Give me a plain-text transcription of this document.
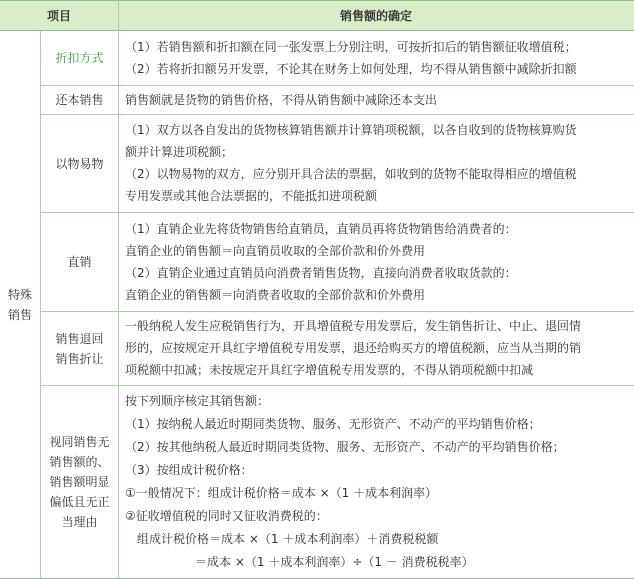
项目	销售额的确定
特殊
销售
折扣方式
（1）若销售额和折扣额在同一张发票上分别注明，可按折扣后的销售额征收增值税；
（2）若将折扣额另开发票，不论其在财务上如何处理，均不得从销售额中减除折扣额
还本销售 销售额就是货物的销售价格，不得从销售额中减除还本支出
以物易物
（1）双方以各自发出的货物核算销售额并计算销项税额，以各自收到的货物核算购货
额并计算进项税额；
（2）以物易物的双方，应分别开具合法的票据，如收到的货物不能取得相应的增值税
专用发票或其他合法票据的，不能抵扣进项税额
直销
（1）直销企业先将货物销售给直销员，直销员再将货物销售给消费者的：
直销企业的销售额＝向直销员收取的全部价款和价外费用
（2）直销企业通过直销员向消费者销售货物，直接向消费者收取货款的：
直销企业的销售额＝向消费者收取的全部价款和价外费用
销售退回
销售折让
一般纳税人发生应税销售行为，开具增值税专用发票后，发生销售折让、中止、退回情
形的，应按规定开具红字增值税专用发票，退还给购买方的增值税额，应当从当期的销
项税额中扣减；未按规定开具红字增值税专用发票的，不得从销项税额中扣减
视同销售无
销售额的、
销售额明显
偏低且无正
当理由
按下列顺序核定其销售额：
（1）按纳税人最近时期同类货物、服务、无形资产、不动产的平均销售价格；
（2）按其他纳税人最近时期同类货物、服务、无形资产、不动产的平均销售价格；
（3）按组成计税价格：
①一般情况下：组成计税价格＝成本 ×（1 ＋成本利润率）
②征收增值税的同时又征收消费税的：
组成计税价格＝成本 ×（1 ＋成本利润率）＋消费税税额
＝成本 ×（1 ＋成本利润率）÷（1 － 消费税税率）
